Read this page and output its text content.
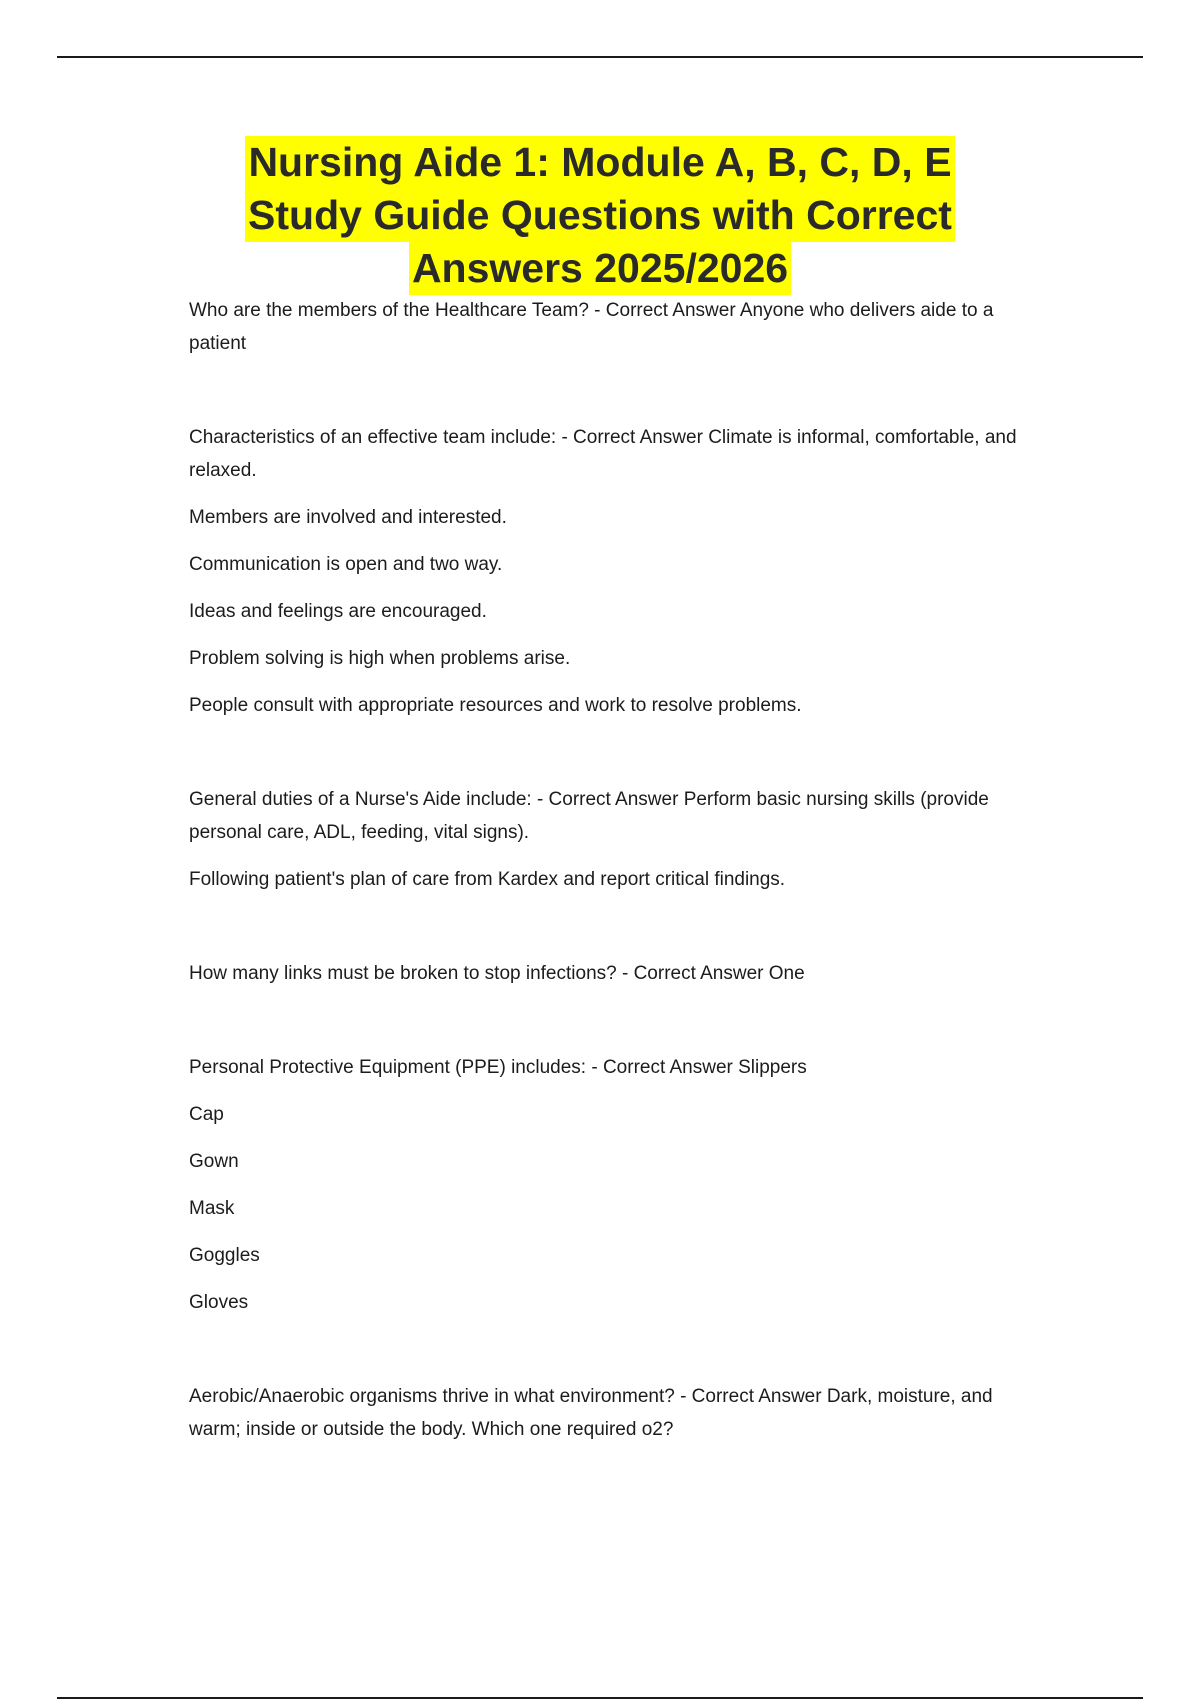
Nursing Aide 1: Module A, B, C, D, E
Study Guide Questions with Correct
Answers 2025/2026

Who are the members of the Healthcare Team? - Correct Answer Anyone who delivers aide to a patient

Characteristics of an effective team include: - Correct Answer Climate is informal, comfortable, and relaxed.

Members are involved and interested.

Communication is open and two way.

Ideas and feelings are encouraged.

Problem solving is high when problems arise.

People consult with appropriate resources and work to resolve problems.

General duties of a Nurse's Aide include: - Correct Answer Perform basic nursing skills (provide personal care, ADL, feeding, vital signs).

Following patient's plan of care from Kardex and report critical findings.

How many links must be broken to stop infections? - Correct Answer One

Personal Protective Equipment (PPE) includes: - Correct Answer Slippers

Cap

Gown

Mask

Goggles

Gloves

Aerobic/Anaerobic organisms thrive in what environment? - Correct Answer Dark, moisture, and warm; inside or outside the body. Which one required o2?
